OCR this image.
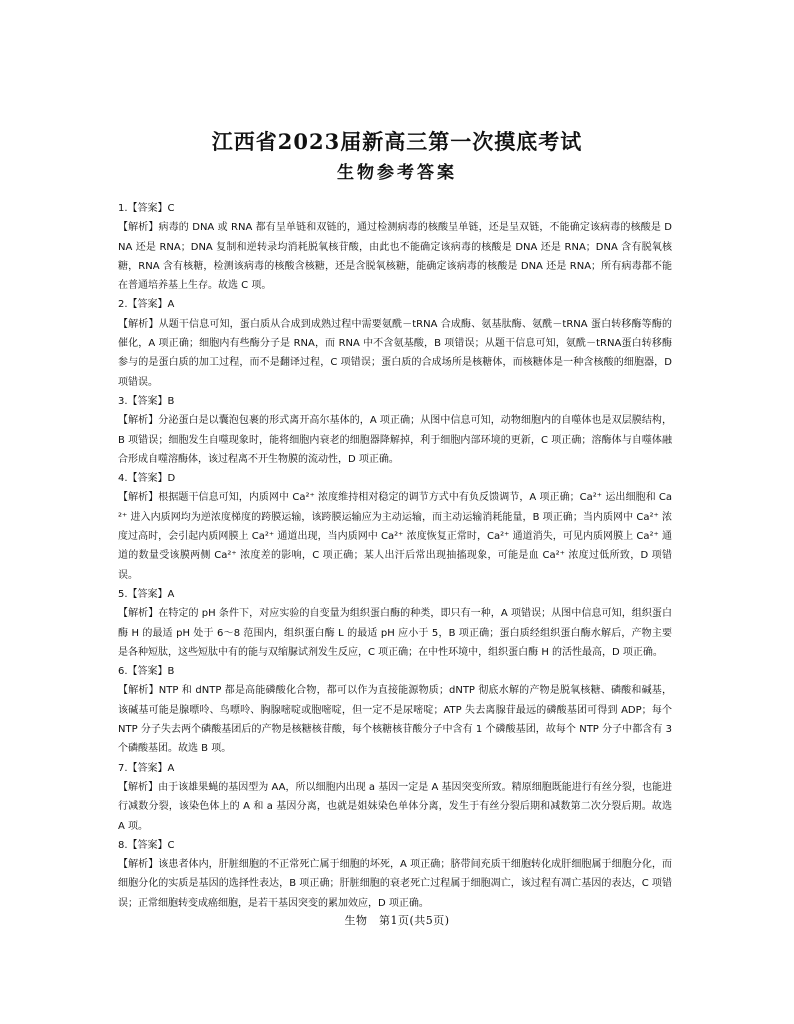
江西省2023届新高三第一次摸底考试
生物参考答案

1.【答案】C

【解析】病毒的 DNA 或 RNA 都有呈单链和双链的，通过检测病毒的核酸呈单链，还是呈双链，不能确定该病毒的核酸是 DNA 还是 RNA；DNA 复制和逆转录均消耗脱氧核苷酸，由此也不能确定该病毒的核酸是 DNA 还是 RNA；DNA 含有脱氧核糖，RNA 含有核糖，检测该病毒的核酸含核糖，还是含脱氧核糖，能确定该病毒的核酸是 DNA 还是 RNA；所有病毒都不能在普通培养基上生存。故选 C 项。

2.【答案】A

【解析】从题干信息可知，蛋白质从合成到成熟过程中需要氨酰－tRNA 合成酶、氨基肽酶、氨酰－tRNA 蛋白转移酶等酶的催化，A 项正确；细胞内有些酶分子是 RNA，而 RNA 中不含氨基酸，B 项错误；从题干信息可知，氨酰－tRNA蛋白转移酶参与的是蛋白质的加工过程，而不是翻译过程，C 项错误；蛋白质的合成场所是核糖体，而核糖体是一种含核酸的细胞器，D 项错误。

3.【答案】B

【解析】分泌蛋白是以囊泡包裹的形式离开高尔基体的，A 项正确；从图中信息可知，动物细胞内的自噬体也是双层膜结构，B 项错误；细胞发生自噬现象时，能将细胞内衰老的细胞器降解掉，利于细胞内部环境的更新，C 项正确；溶酶体与自噬体融合形成自噬溶酶体，该过程离不开生物膜的流动性，D 项正确。

4.【答案】D

【解析】根据题干信息可知，内质网中 Ca²⁺ 浓度维持相对稳定的调节方式中有负反馈调节，A 项正确；Ca²⁺ 运出细胞和 Ca²⁺ 进入内质网均为逆浓度梯度的跨膜运输，该跨膜运输应为主动运输，而主动运输消耗能量，B 项正确；当内质网中 Ca²⁺ 浓度过高时，会引起内质网膜上 Ca²⁺ 通道出现，当内质网中 Ca²⁺ 浓度恢复正常时，Ca²⁺ 通道消失，可见内质网膜上 Ca²⁺ 通道的数量受该膜两侧 Ca²⁺ 浓度差的影响，C 项正确；某人出汗后常出现抽搐现象，可能是血 Ca²⁺ 浓度过低所致，D 项错误。

5.【答案】A

【解析】在特定的 pH 条件下，对应实验的自变量为组织蛋白酶的种类，即只有一种，A 项错误；从图中信息可知，组织蛋白酶 H 的最适 pH 处于 6～8 范围内，组织蛋白酶 L 的最适 pH 应小于 5，B 项正确；蛋白质经组织蛋白酶水解后，产物主要是各种短肽，这些短肽中有的能与双缩脲试剂发生反应，C 项正确；在中性环境中，组织蛋白酶 H 的活性最高，D 项正确。

6.【答案】B

【解析】NTP 和 dNTP 都是高能磷酸化合物，都可以作为直接能源物质；dNTP 彻底水解的产物是脱氧核糖、磷酸和碱基，该碱基可能是腺嘌呤、鸟嘌呤、胸腺嘧啶或胞嘧啶，但一定不是尿嘧啶；ATP 失去离腺苷最远的磷酸基团可得到 ADP；每个 NTP 分子失去两个磷酸基团后的产物是核糖核苷酸，每个核糖核苷酸分子中含有 1 个磷酸基团，故每个 NTP 分子中都含有 3 个磷酸基团。故选 B 项。

7.【答案】A

【解析】由于该雄果蝇的基因型为 AA，所以细胞内出现 a 基因一定是 A 基因突变所致。精原细胞既能进行有丝分裂，也能进行减数分裂，该染色体上的 A 和 a 基因分离，也就是姐妹染色单体分离，发生于有丝分裂后期和减数第二次分裂后期。故选 A 项。

8.【答案】C

【解析】该患者体内，肝脏细胞的不正常死亡属于细胞的坏死，A 项正确；脐带间充质干细胞转化成肝细胞属于细胞分化，而细胞分化的实质是基因的选择性表达，B 项正确；肝脏细胞的衰老死亡过程属于细胞凋亡，该过程有凋亡基因的表达，C 项错误；正常细胞转变成癌细胞，是若干基因突变的累加效应，D 项正确。

生物　第1页(共5页)
